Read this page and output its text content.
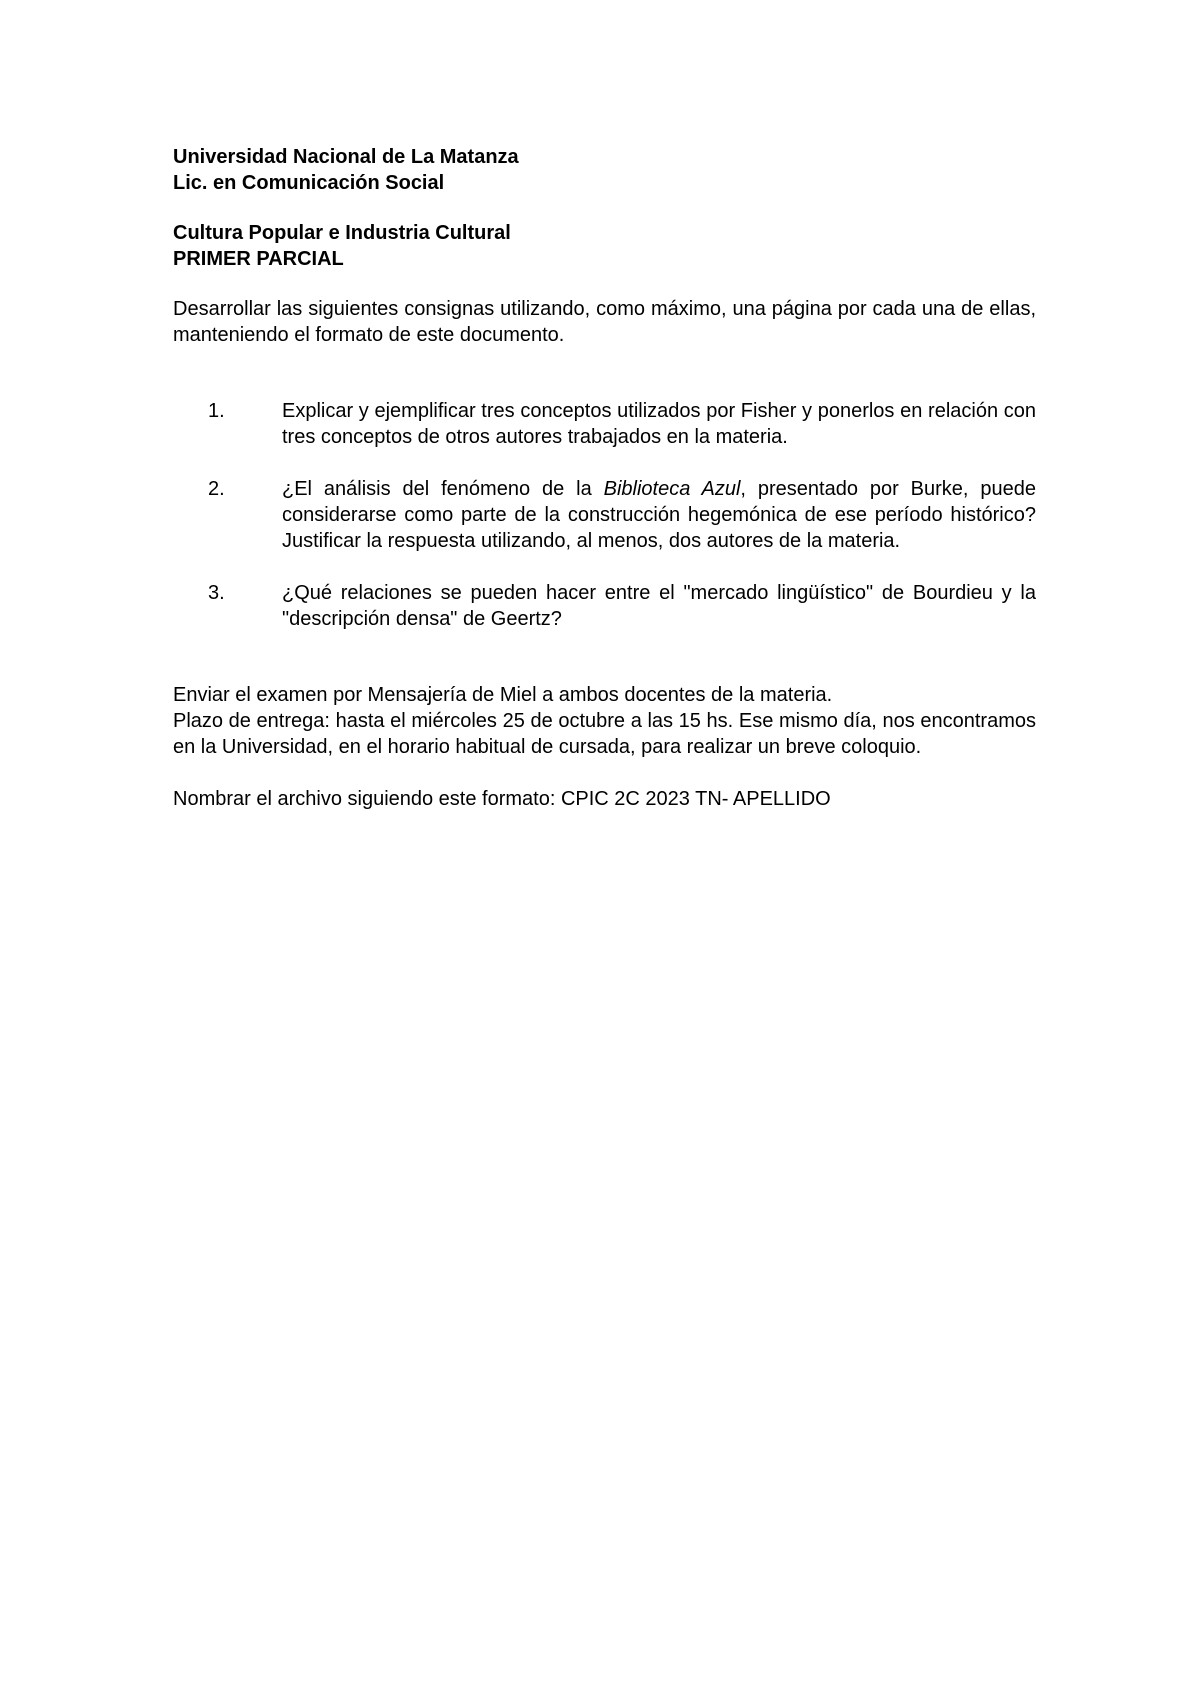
Universidad Nacional de La Matanza
Lic. en Comunicación Social
Cultura Popular e Industria Cultural
PRIMER PARCIAL

Desarrollar las siguientes consignas utilizando, como máximo, una página por cada una de ellas, manteniendo el formato de este documento.

1.	Explicar y ejemplificar tres conceptos utilizados por Fisher y ponerlos en relación con tres conceptos de otros autores trabajados en la materia.
2.	¿El análisis del fenómeno de la Biblioteca Azul, presentado por Burke, puede considerarse como parte de la construcción hegemónica de ese período histórico? Justificar la respuesta utilizando, al menos, dos autores de la materia.
3.	¿Qué relaciones se pueden hacer entre el "mercado lingüístico" de Bourdieu y la "descripción densa" de Geertz?

Enviar el examen por Mensajería de Miel a ambos docentes de la materia.

Plazo de entrega: hasta el miércoles 25 de octubre a las 15 hs. Ese mismo día, nos encontramos en la Universidad, en el horario habitual de cursada, para realizar un breve coloquio.

Nombrar el archivo siguiendo este formato: CPIC 2C 2023 TN- APELLIDO
